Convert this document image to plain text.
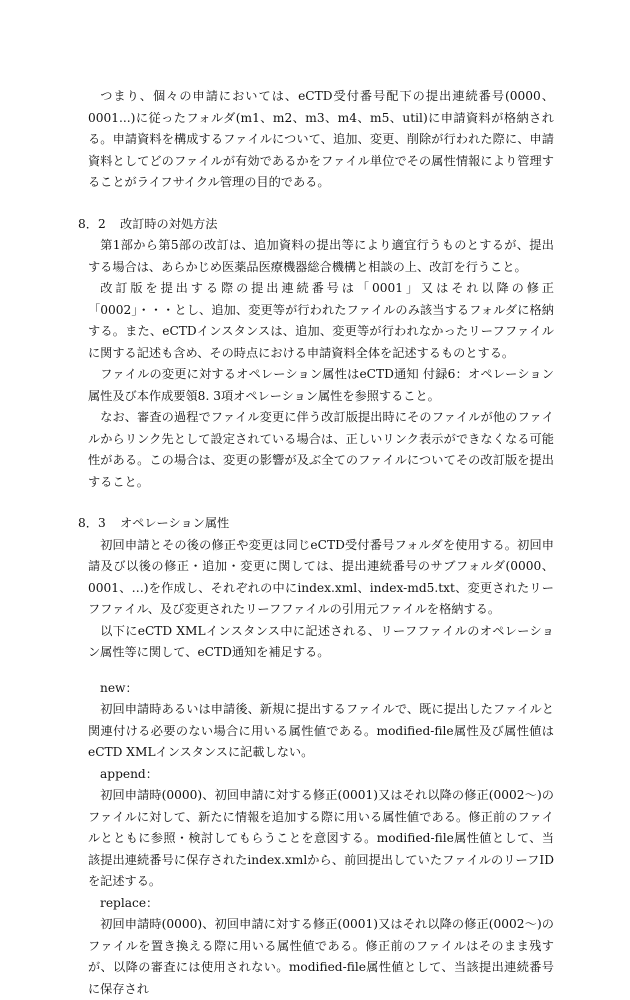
つまり、個々の申請においては、eCTD受付番号配下の提出連続番号(0000、0001...)に従ったフォルダ(m1、m2、m3、m4、m5、util)に申請資料が格納される。申請資料を構成するファイルについて、追加、変更、削除が行われた際に、申請資料としてどのファイルが有効であるかをファイル単位でその属性情報により管理することがライフサイクル管理の目的である。

8．2 改訂時の対処方法

第1部から第5部の改訂は、追加資料の提出等により適宜行うものとするが、提出する場合は、あらかじめ医薬品医療機器総合機構と相談の上、改訂を行うこと。

改訂版を提出する際の提出連続番号は「0001」又はそれ以降の修正「0002」・・・とし、追加、変更等が行われたファイルのみ該当するフォルダに格納する。また、eCTDインスタンスは、追加、変更等が行われなかったリーフファイルに関する記述も含め、その時点における申請資料全体を記述するものとする。

ファイルの変更に対するオペレーション属性はeCTD通知 付録6：オペレーション属性及び本作成要領8. 3項オペレーション属性を参照すること。

なお、審査の過程でファイル変更に伴う改訂版提出時にそのファイルが他のファイルからリンク先として設定されている場合は、正しいリンク表示ができなくなる可能性がある。この場合は、変更の影響が及ぶ全てのファイルについてその改訂版を提出すること。

8．3 オペレーション属性

初回申請とその後の修正や変更は同じeCTD受付番号フォルダを使用する。初回申請及び以後の修正・追加・変更に関しては、提出連続番号のサブフォルダ(0000、0001、…)を作成し、それぞれの中にindex.xml、index-md5.txt、変更されたリーフファイル、及び変更されたリーフファイルの引用元ファイルを格納する。

以下にeCTD XMLインスタンス中に記述される、リーフファイルのオペレーション属性等に関して、eCTD通知を補足する。

new：

初回申請時あるいは申請後、新規に提出するファイルで、既に提出したファイルと関連付ける必要のない場合に用いる属性値である。modified-file属性及び属性値はeCTD XMLインスタンスに記載しない。

append：

初回申請時(0000)、初回申請に対する修正(0001)又はそれ以降の修正(0002～)のファイルに対して、新たに情報を追加する際に用いる属性値である。修正前のファイルとともに参照・検討してもらうことを意図する。modified-file属性値として、当該提出連続番号に保存されたindex.xmlから、前回提出していたファイルのリーフIDを記述する。

replace：

初回申請時(0000)、初回申請に対する修正(0001)又はそれ以降の修正(0002～)のファイルを置き換える際に用いる属性値である。修正前のファイルはそのまま残すが、以降の審査には使用されない。modified-file属性値として、当該提出連続番号に保存され
